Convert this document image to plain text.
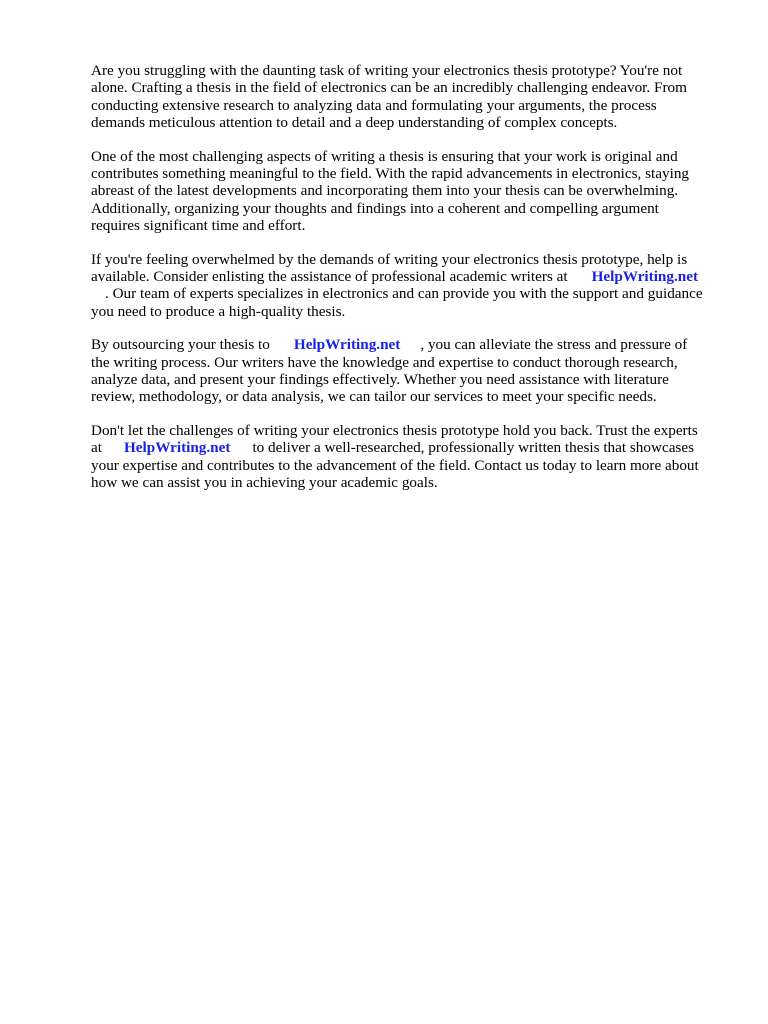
Are you struggling with the daunting task of writing your electronics thesis prototype? You're not
alone. Crafting a thesis in the field of electronics can be an incredibly challenging endeavor. From
conducting extensive research to analyzing data and formulating your arguments, the process
demands meticulous attention to detail and a deep understanding of complex concepts.

One of the most challenging aspects of writing a thesis is ensuring that your work is original and
contributes something meaningful to the field. With the rapid advancements in electronics, staying
abreast of the latest developments and incorporating them into your thesis can be overwhelming.
Additionally, organizing your thoughts and findings into a coherent and compelling argument
requires significant time and effort.

If you're feeling overwhelmed by the demands of writing your electronics thesis prototype, help is
available. Consider enlisting the assistance of professional academic writers at HelpWriting.net
. Our team of experts specializes in electronics and can provide you with the support and guidance
you need to produce a high-quality thesis.

By outsourcing your thesis to HelpWriting.net , you can alleviate the stress and pressure of
the writing process. Our writers have the knowledge and expertise to conduct thorough research,
analyze data, and present your findings effectively. Whether you need assistance with literature
review, methodology, or data analysis, we can tailor our services to meet your specific needs.

Don't let the challenges of writing your electronics thesis prototype hold you back. Trust the experts
at HelpWriting.net to deliver a well-researched, professionally written thesis that showcases
your expertise and contributes to the advancement of the field. Contact us today to learn more about
how we can assist you in achieving your academic goals.
